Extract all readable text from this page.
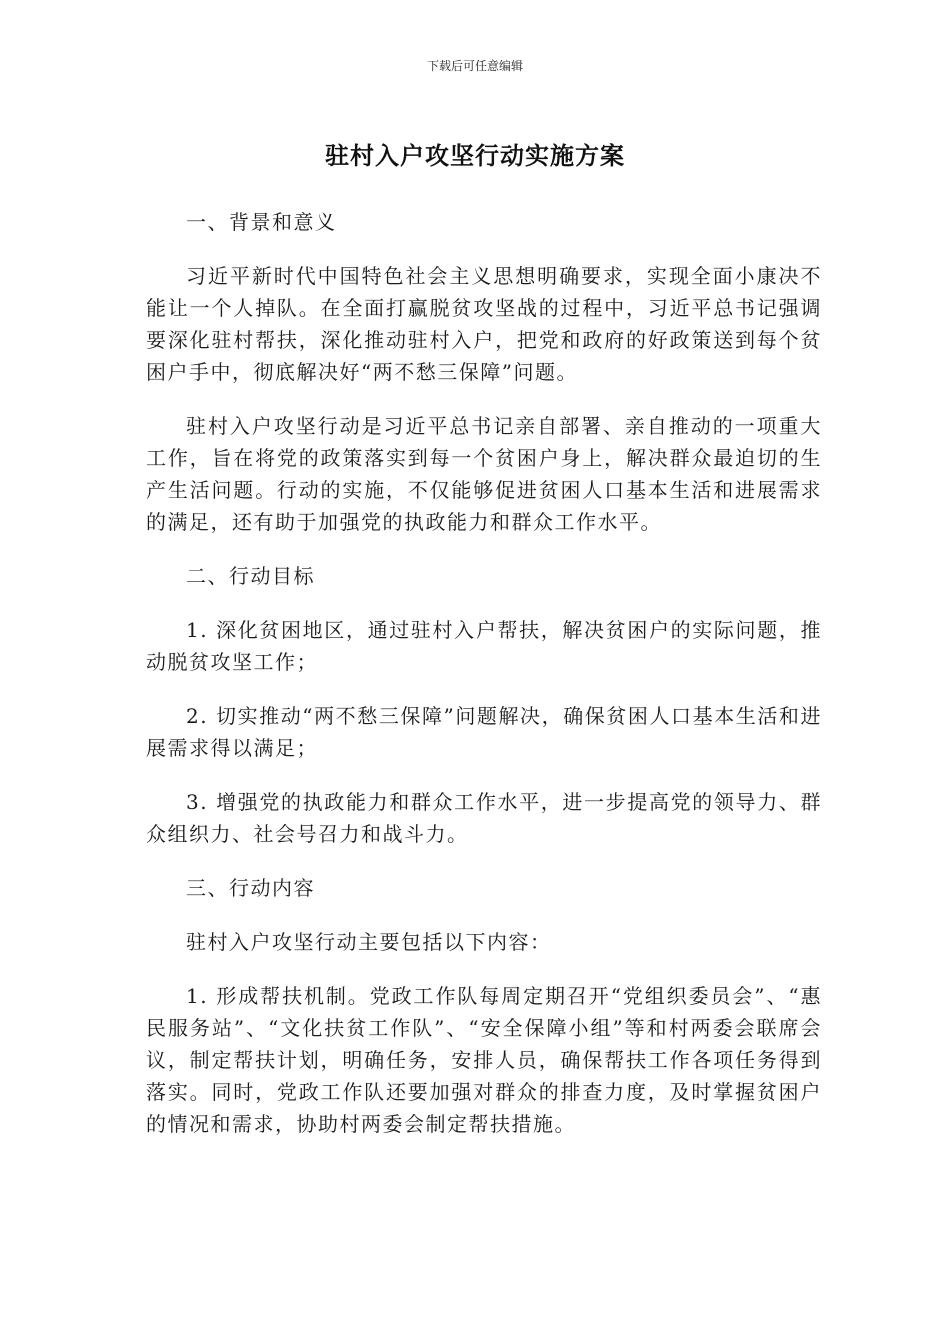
下载后可任意编辑
驻村入户攻坚行动实施方案

一、背景和意义

习近平新时代中国特色社会主义思想明确要求，实现全面小康决不能让一个人掉队。在全面打赢脱贫攻坚战的过程中，习近平总书记强调要深化驻村帮扶，深化推动驻村入户，把党和政府的好政策送到每个贫困户手中，彻底解决好“两不愁三保障”问题。

驻村入户攻坚行动是习近平总书记亲自部署、亲自推动的一项重大工作，旨在将党的政策落实到每一个贫困户身上，解决群众最迫切的生产生活问题。行动的实施，不仅能够促进贫困人口基本生活和进展需求的满足，还有助于加强党的执政能力和群众工作水平。

二、行动目标

1. 深化贫困地区，通过驻村入户帮扶，解决贫困户的实际问题，推动脱贫攻坚工作；

2. 切实推动“两不愁三保障”问题解决，确保贫困人口基本生活和进展需求得以满足；

3. 增强党的执政能力和群众工作水平，进一步提高党的领导力、群众组织力、社会号召力和战斗力。

三、行动内容

驻村入户攻坚行动主要包括以下内容：

1. 形成帮扶机制。党政工作队每周定期召开“党组织委员会”、“惠民服务站”、“文化扶贫工作队”、“安全保障小组”等和村两委会联席会议，制定帮扶计划，明确任务，安排人员，确保帮扶工作各项任务得到落实。同时，党政工作队还要加强对群众的排查力度，及时掌握贫困户的情况和需求，协助村两委会制定帮扶措施。
